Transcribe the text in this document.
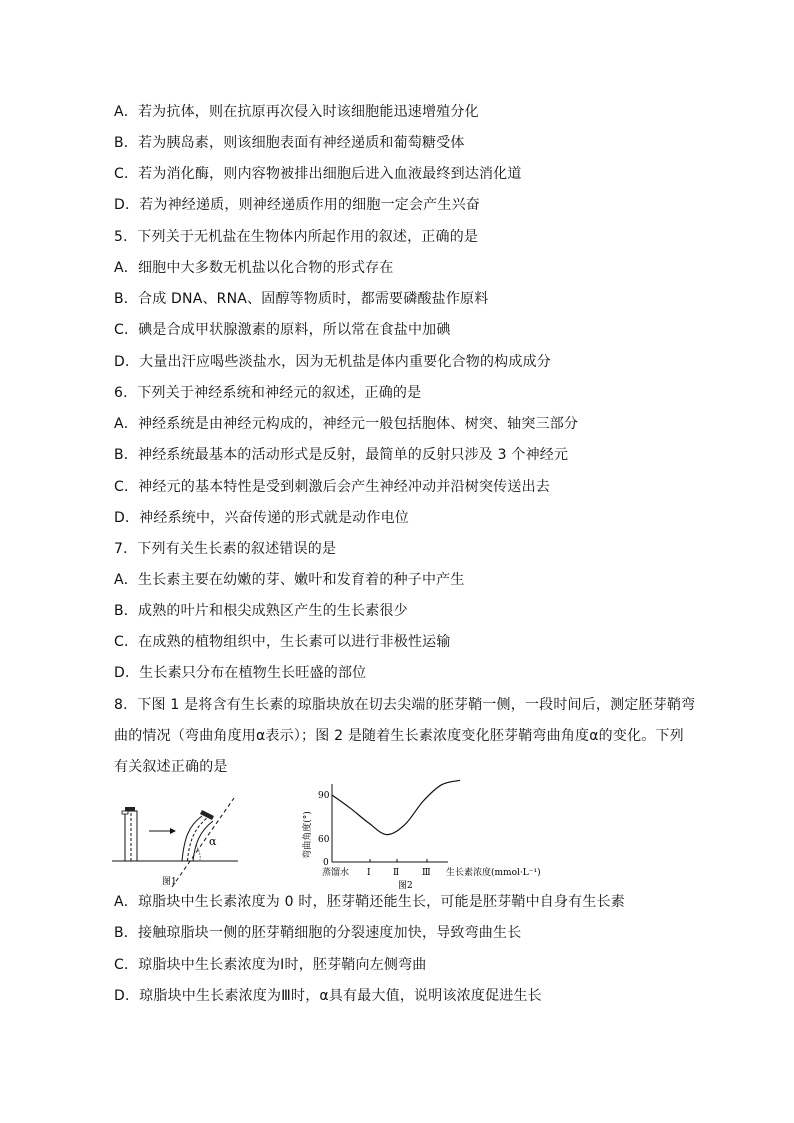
A．若为抗体，则在抗原再次侵入时该细胞能迅速增殖分化
B．若为胰岛素，则该细胞表面有神经递质和葡萄糖受体
C．若为消化酶，则内容物被排出细胞后进入血液最终到达消化道
D．若为神经递质，则神经递质作用的细胞一定会产生兴奋
5．下列关于无机盐在生物体内所起作用的叙述，正确的是
A．细胞中大多数无机盐以化合物的形式存在
B．合成 DNA、RNA、固醇等物质时，都需要磷酸盐作原料
C．碘是合成甲状腺激素的原料，所以常在食盐中加碘
D．大量出汗应喝些淡盐水，因为无机盐是体内重要化合物的构成成分
6．下列关于神经系统和神经元的叙述，正确的是
A．神经系统是由神经元构成的，神经元一般包括胞体、树突、轴突三部分
B．神经系统最基本的活动形式是反射，最简单的反射只涉及 3 个神经元
C．神经元的基本特性是受到刺激后会产生神经冲动并沿树突传送出去
D．神经系统中，兴奋传递的形式就是动作电位
7．下列有关生长素的叙述错误的是
A．生长素主要在幼嫩的芽、嫩叶和发育着的种子中产生
B．成熟的叶片和根尖成熟区产生的生长素很少
C．在成熟的植物组织中，生长素可以进行非极性运输
D．生长素只分布在植物生长旺盛的部位
8．下图 1 是将含有生长素的琼脂块放在切去尖端的胚芽鞘一侧，一段时间后，测定胚芽鞘弯
曲的情况（弯曲角度用α表示）；图 2 是随着生长素浓度变化胚芽鞘弯曲角度α的变化。下列
有关叙述正确的是
α
图1
弯曲角度(°)
90
60
0
蒸馏水 Ⅰ Ⅱ	Ⅲ 生长素浓度(mmol·L⁻¹)
图2
A．琼脂块中生长素浓度为 0 时，胚芽鞘还能生长，可能是胚芽鞘中自身有生长素
B．接触琼脂块一侧的胚芽鞘细胞的分裂速度加快，导致弯曲生长
C．琼脂块中生长素浓度为Ⅰ时，胚芽鞘向左侧弯曲
D．琼脂块中生长素浓度为Ⅲ时，α具有最大值，说明该浓度促进生长
